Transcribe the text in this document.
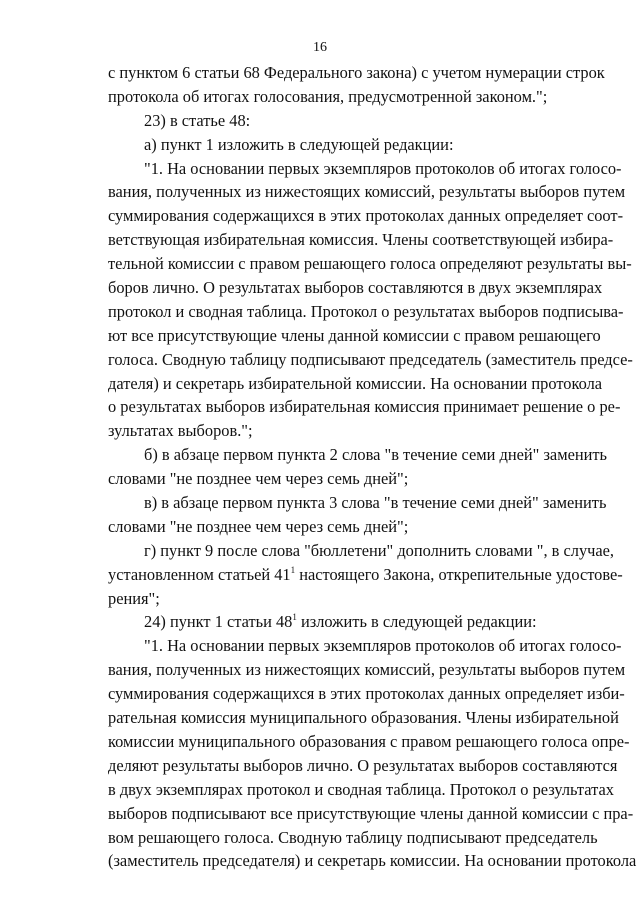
16
с пунктом 6 статьи 68 Федерального закона) с учетом нумерации строк
протокола об итогах голосования, предусмотренной законом.";
23) в статье 48:
а) пункт 1 изложить в следующей редакции:
"1. На основании первых экземпляров протоколов об итогах голосо-
вания, полученных из нижестоящих комиссий, результаты выборов путем
суммирования содержащихся в этих протоколах данных определяет соот-
ветствующая избирательная комиссия. Члены соответствующей избира-
тельной комиссии с правом решающего голоса определяют результаты вы-
боров лично. О результатах выборов составляются в двух экземплярах
протокол и сводная таблица. Протокол о результатах выборов подписыва-
ют все присутствующие члены данной комиссии с правом решающего
голоса. Сводную таблицу подписывают председатель (заместитель предсе-
дателя) и секретарь избирательной комиссии. На основании протокола
о результатах выборов избирательная комиссия принимает решение о ре-
зультатах выборов.";
б) в абзаце первом пункта 2 слова "в течение семи дней" заменить
словами "не позднее чем через семь дней";
в) в абзаце первом пункта 3 слова "в течение семи дней" заменить
словами "не позднее чем через семь дней";
г) пункт 9 после слова "бюллетени" дополнить словами ", в случае,
установленном статьей $41^1$ настоящего Закона, открепительные удостове-
рения";
24) пункт 1 статьи $48^1$ изложить в следующей редакции:
"1. На основании первых экземпляров протоколов об итогах голосо-
вания, полученных из нижестоящих комиссий, результаты выборов путем
суммирования содержащихся в этих протоколах данных определяет изби-
рательная комиссия муниципального образования. Члены избирательной
комиссии муниципального образования с правом решающего голоса опре-
деляют результаты выборов лично. О результатах выборов составляются
в двух экземплярах протокол и сводная таблица. Протокол о результатах
выборов подписывают все присутствующие члены данной комиссии с пра-
вом решающего голоса. Сводную таблицу подписывают председатель
(заместитель председателя) и секретарь комиссии. На основании протокола
